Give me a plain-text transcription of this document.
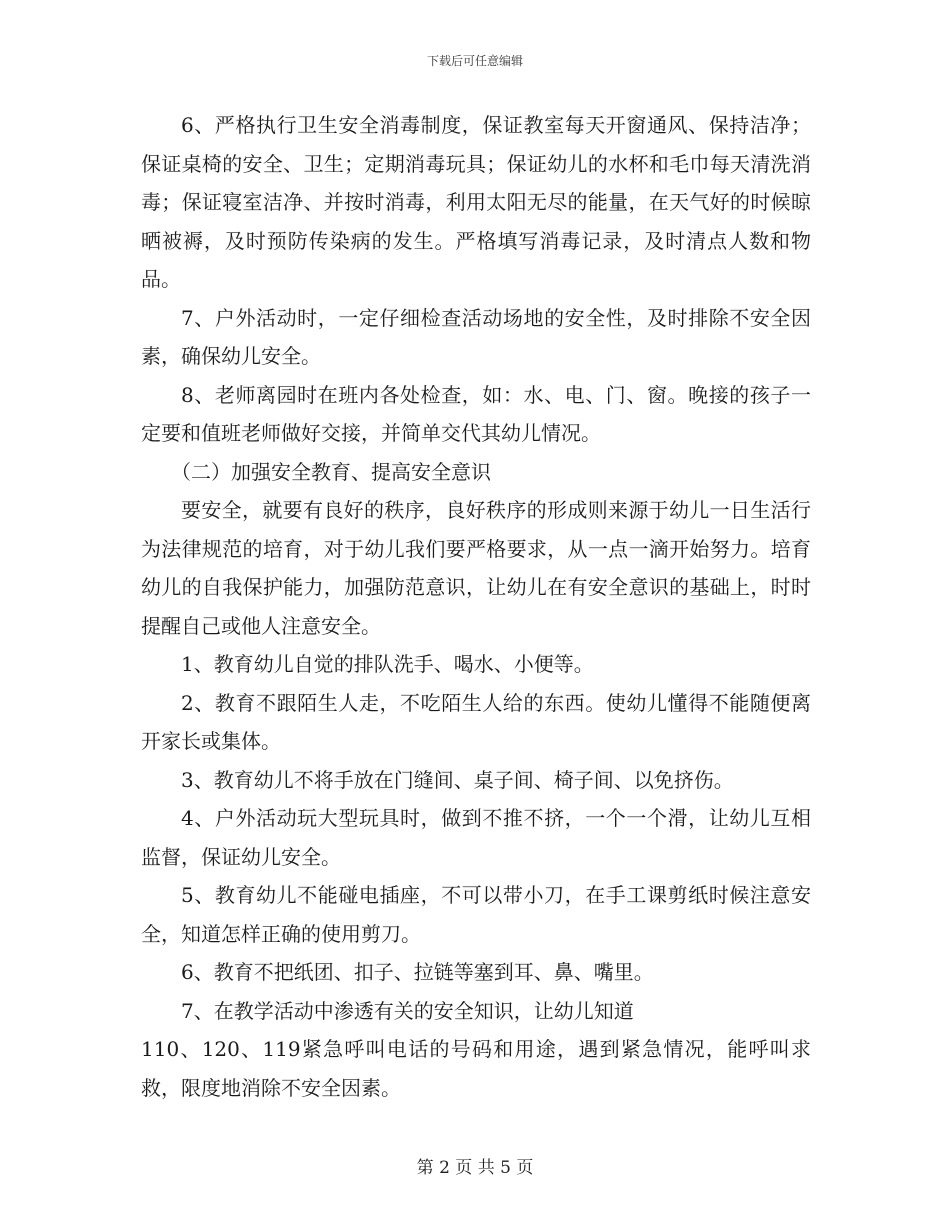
下载后可任意编辑

6、严格执行卫生安全消毒制度，保证教室每天开窗通风、保持洁净；保证桌椅的安全、卫生；定期消毒玩具；保证幼儿的水杯和毛巾每天清洗消毒；保证寝室洁净、并按时消毒，利用太阳无尽的能量，在天气好的时候晾晒被褥，及时预防传染病的发生。严格填写消毒记录，及时清点人数和物品。

7、户外活动时，一定仔细检查活动场地的安全性，及时排除不安全因素，确保幼儿安全。

8、老师离园时在班内各处检查，如：水、电、门、窗。晚接的孩子一定要和值班老师做好交接，并简单交代其幼儿情况。

（二）加强安全教育、提高安全意识

要安全，就要有良好的秩序，良好秩序的形成则来源于幼儿一日生活行为法律规范的培育，对于幼儿我们要严格要求，从一点一滴开始努力。培育幼儿的自我保护能力，加强防范意识，让幼儿在有安全意识的基础上，时时提醒自己或他人注意安全。

1、教育幼儿自觉的排队洗手、喝水、小便等。

2、教育不跟陌生人走，不吃陌生人给的东西。使幼儿懂得不能随便离开家长或集体。

3、教育幼儿不将手放在门缝间、桌子间、椅子间、以免挤伤。

4、户外活动玩大型玩具时，做到不推不挤，一个一个滑，让幼儿互相监督，保证幼儿安全。

5、教育幼儿不能碰电插座，不可以带小刀，在手工课剪纸时候注意安全，知道怎样正确的使用剪刀。

6、教育不把纸团、扣子、拉链等塞到耳、鼻、嘴里。

7、在教学活动中渗透有关的安全知识，让幼儿知道

110、120、119紧急呼叫电话的号码和用途，遇到紧急情况，能呼叫求救，限度地消除不安全因素。

第 2 页 共 5 页
